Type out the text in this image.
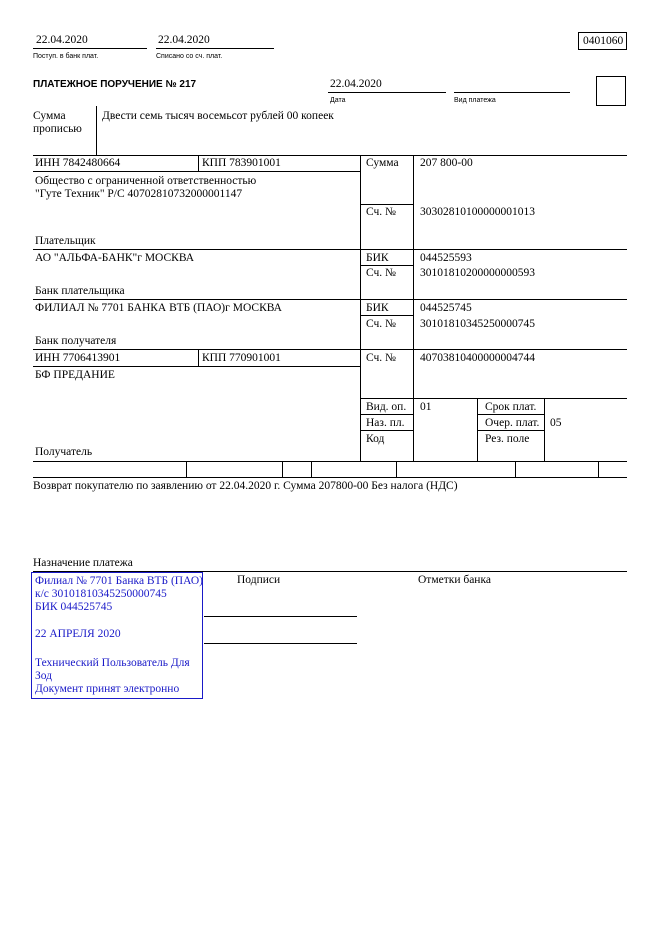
22.04.2020
Поступ. в банк плат.
22.04.2020
Списано со сч. плат.
0401060
ПЛАТЕЖНОЕ ПОРУЧЕНИЕ № 217	22.04.2020
Дата	Вид платежа
Сумма
прописью
Двести семь тысяч восемьсот рублей 00 копеек
ИНН 7842480664	КПП 783901001
Общество с ограниченной ответственностью
"Гуте Техник" Р/С 40702810732000001147
Плательщик
Сумма 207 800-00
Сч. № 30302810100000001013
АО "АЛЬФА-БАНК"г МОСКВА
Банк плательщика
БИК	044525593
Сч. № 30101810200000000593
ФИЛИАЛ № 7701 БАНКА ВТБ (ПАО)г МОСКВА
Банк получателя
БИК	044525745
Сч. № 30101810345250000745
ИНН 7706413901	КПП 770901001
БФ ПРЕДАНИЕ
Получатель
Сч. № 40703810400000004744
Вид. оп. 01
Наз. пл.
Код
Срок плат.
Очер. плат. 05
Рез. поле
Возврат покупателю по заявлению от 22.04.2020 г. Сумма 207800-00 Без налога (НДС)
Назначение платежа
Подписи	Отметки банка
Филиал № 7701 Банка ВТБ (ПАО)
к/с 30101810345250000745
БИК 044525745
22 АПРЕЛЯ 2020
Технический Пользователь Для
Зод
Документ принят электронно
